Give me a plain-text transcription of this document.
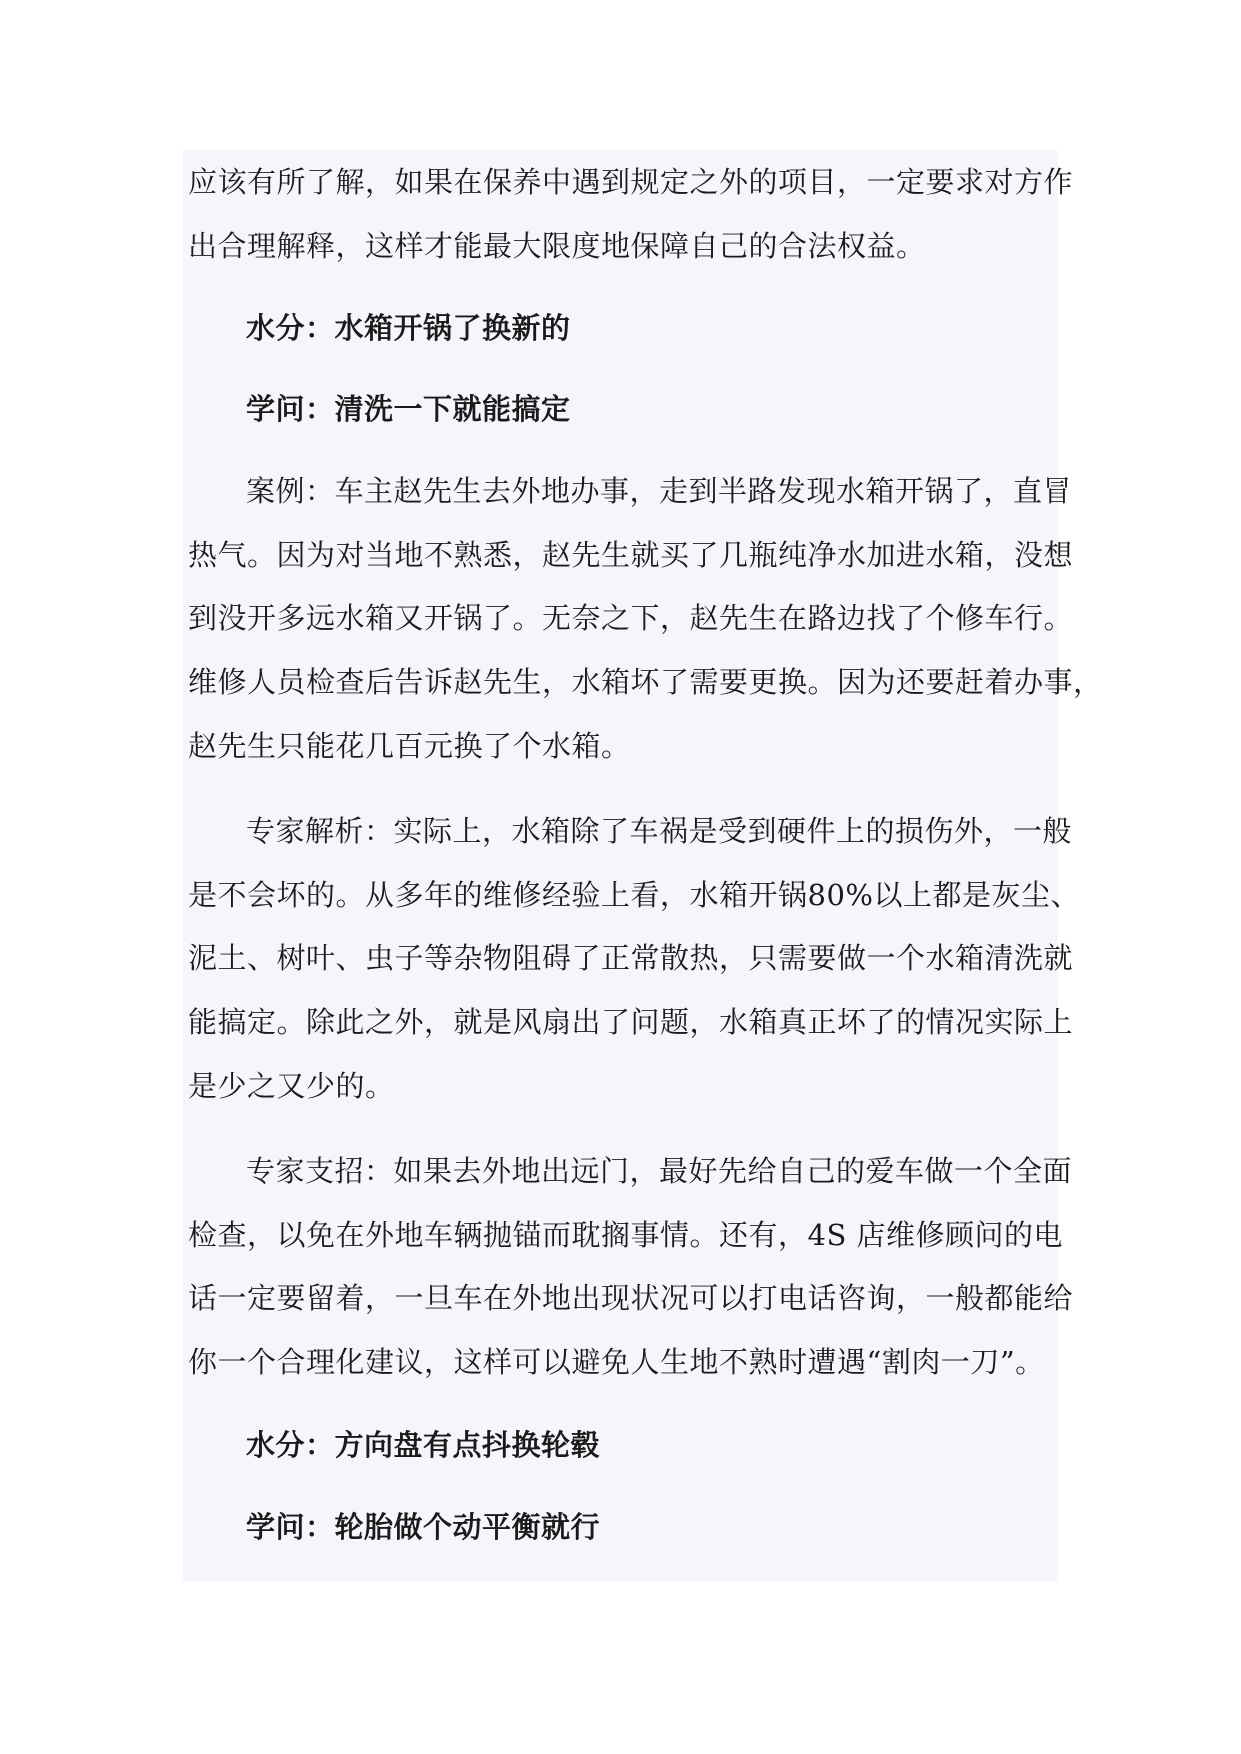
应该有所了解，如果在保养中遇到规定之外的项目，一定要求对方作
出合理解释，这样才能最大限度地保障自己的合法权益。
水分：水箱开锅了换新的
学问：清洗一下就能搞定
案例：车主赵先生去外地办事，走到半路发现水箱开锅了，直冒
热气。因为对当地不熟悉，赵先生就买了几瓶纯净水加进水箱，没想
到没开多远水箱又开锅了。无奈之下，赵先生在路边找了个修车行。
维修人员检查后告诉赵先生，水箱坏了需要更换。因为还要赶着办事，
赵先生只能花几百元换了个水箱。
专家解析：实际上，水箱除了车祸是受到硬件上的损伤外，一般
是不会坏的。从多年的维修经验上看，水箱开锅80%以上都是灰尘、
泥土、树叶、虫子等杂物阻碍了正常散热，只需要做一个水箱清洗就
能搞定。除此之外，就是风扇出了问题，水箱真正坏了的情况实际上
是少之又少的。
专家支招：如果去外地出远门，最好先给自己的爱车做一个全面
检查，以免在外地车辆抛锚而耽搁事情。还有，4S 店维修顾问的电
话一定要留着，一旦车在外地出现状况可以打电话咨询，一般都能给
你一个合理化建议，这样可以避免人生地不熟时遭遇“割肉一刀”。
水分：方向盘有点抖换轮毂
学问：轮胎做个动平衡就行
